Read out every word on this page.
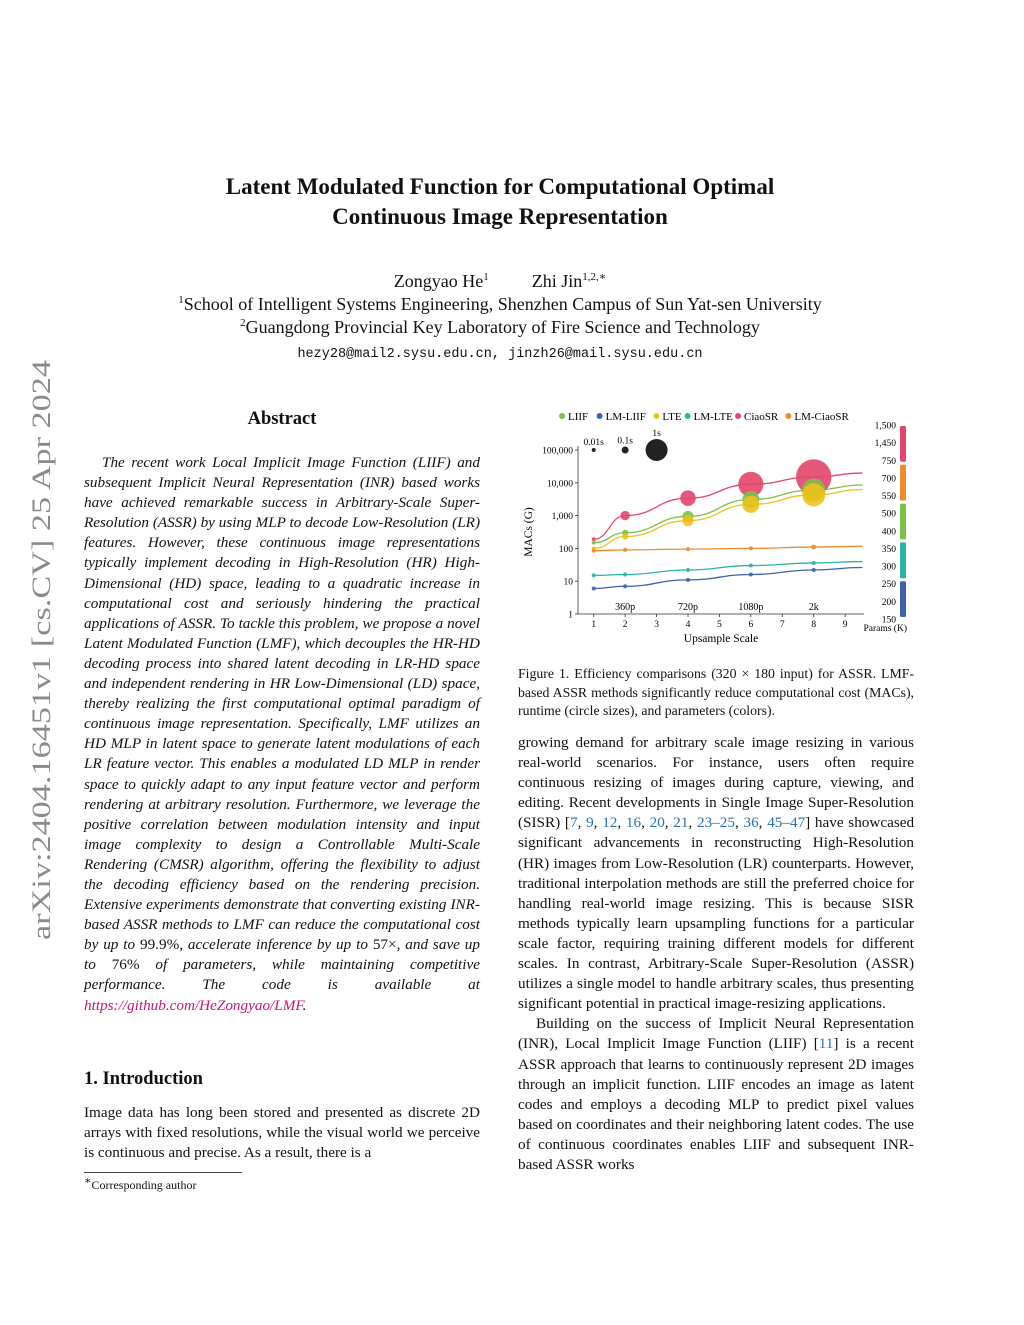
arXiv:2404.16451v1 [cs.CV] 25 Apr 2024
Latent Modulated Function for Computational Optimal
Continuous Image Representation
Zongyao He$^1$ Zhi Jin$^{1,2,∗}$
$^1$School of Intelligent Systems Engineering, Shenzhen Campus of Sun Yat-sen University
$^2$Guangdong Provincial Key Laboratory of Fire Science and Technology
hezy28@mail2.sysu.edu.cn, jinzh26@mail.sysu.edu.cn
Abstract
The recent work Local Implicit Image Function (LIIF) and subsequent Implicit Neural Representation (INR) based works have achieved remarkable success in Arbitrary-Scale Super-Resolution (ASSR) by using MLP to decode Low-Resolution (LR) features. However, these continuous image representations typically implement decoding in High-Resolution (HR) High-Dimensional (HD) space, leading to a quadratic increase in computational cost and seriously hindering the practical applications of ASSR. To tackle this problem, we propose a novel Latent Modulated Function (LMF), which decouples the HR-HD decoding process into shared latent decoding in LR-HD space and independent rendering in HR Low-Dimensional (LD) space, thereby realizing the first computational optimal paradigm of continuous image representation. Specifically, LMF utilizes an HD MLP in latent space to generate latent modulations of each LR feature vector. This enables a modulated LD MLP in render space to quickly adapt to any input feature vector and perform rendering at arbitrary resolution. Furthermore, we leverage the positive correlation between modulation intensity and input image complexity to design a Controllable Multi-Scale Rendering (CMSR) algorithm, offering the flexibility to adjust the decoding efficiency based on the rendering precision. Extensive experiments demonstrate that converting existing INR-based ASSR methods to LMF can reduce the computational cost by up to 99.9%, accelerate inference by up to 57×, and save up to 76% of parameters, while maintaining competitive performance. The code is available at https://github.com/HeZongyao/LMF.
1. Introduction
Image data has long been stored and presented as discrete 2D arrays with fixed resolutions, while the visual world we perceive is continuous and precise. As a result, there is a
∗Corresponding author
LIIF LM-LIIF LTE LM-LTE CiaoSR LM-CiaoSR
1
10
100
1,000
10,000
100,000
1	2	3	4	5	6	7	8	9
Upsample Scale
MACs (G)
0.01s 0.1s
1s
360p	720p	1080p	2k
1,500
1,450
750
700
550
500
400
350
300
250
200
150
Params (K)
Figure 1. Efficiency comparisons (320 × 180 input) for ASSR. LMF-based ASSR methods significantly reduce computational cost (MACs), runtime (circle sizes), and parameters (colors).

growing demand for arbitrary scale image resizing in various real-world scenarios. For instance, users often require continuous resizing of images during capture, viewing, and editing. Recent developments in Single Image Super-Resolution (SISR) [7, 9, 12, 16, 20, 21, 23–25, 36, 45–47] have showcased significant advancements in reconstructing High-Resolution (HR) images from Low-Resolution (LR) counterparts. However, traditional interpolation methods are still the preferred choice for handling real-world image resizing. This is because SISR methods typically learn upsampling functions for a particular scale factor, requiring training different models for different scales. In contrast, Arbitrary-Scale Super-Resolution (ASSR) utilizes a single model to handle arbitrary scales, thus presenting significant potential in practical image-resizing applications.

Building on the success of Implicit Neural Representation (INR), Local Implicit Image Function (LIIF) [11] is a recent ASSR approach that learns to continuously represent 2D images through an implicit function. LIIF encodes an image as latent codes and employs a decoding MLP to predict pixel values based on coordinates and their neighboring latent codes. The use of continuous coordinates enables LIIF and subsequent INR-based ASSR works
